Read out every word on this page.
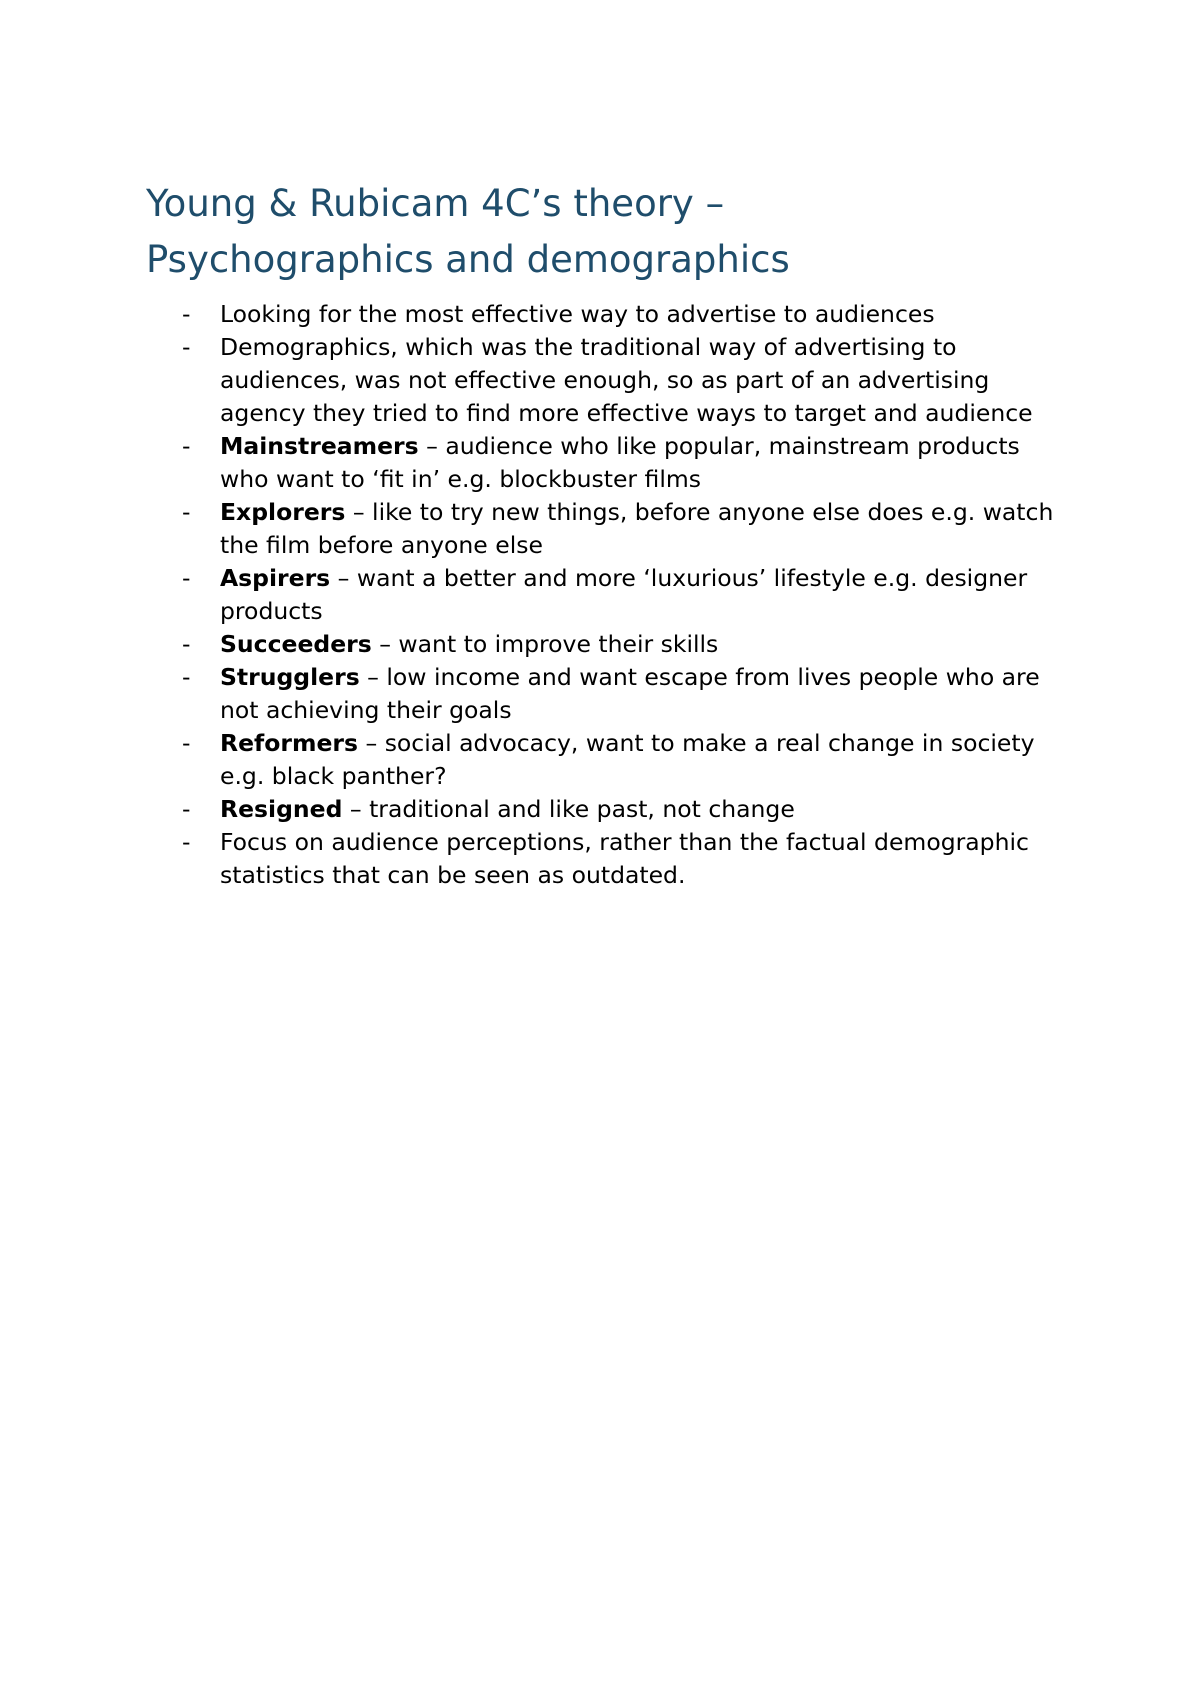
Young & Rubicam 4C’s theory –
Psychographics and demographics
- Looking for the most effective way to advertise to audiences
- Demographics, which was the traditional way of advertising to audiences, was not effective enough, so as part of an advertising agency they tried to find more effective ways to target and audience
- Mainstreamers – audience who like popular, mainstream products who want to ‘fit in’ e.g. blockbuster films
- Explorers – like to try new things, before anyone else does e.g. watch the film before anyone else
- Aspirers – want a better and more ‘luxurious’ lifestyle e.g. designer products
- Succeeders – want to improve their skills
- Strugglers – low income and want escape from lives people who are not achieving their goals
- Reformers – social advocacy, want to make a real change in society e.g. black panther?
- Resigned – traditional and like past, not change
- Focus on audience perceptions, rather than the factual demographic statistics that can be seen as outdated.
